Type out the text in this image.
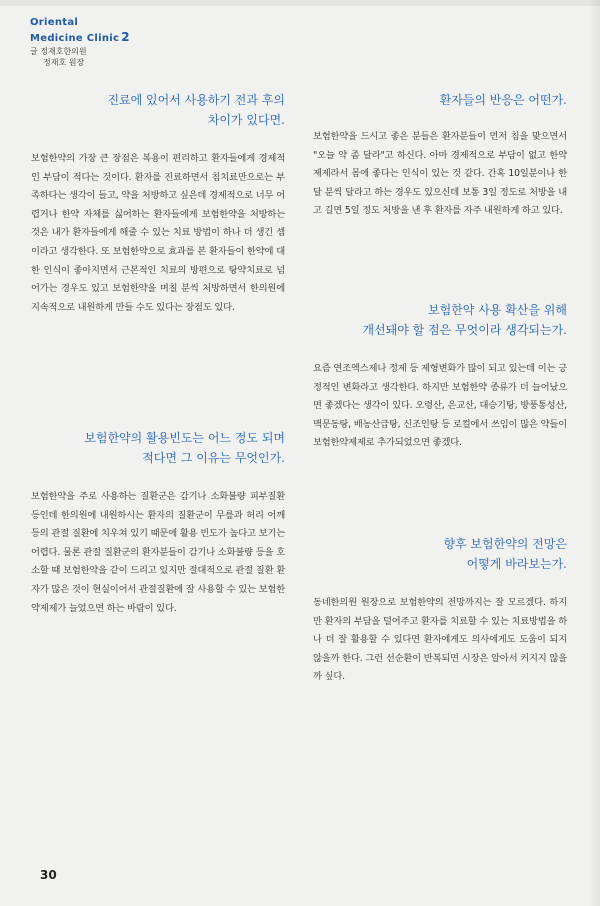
Oriental
Medicine Clinic 2
글 정재호한의원
정재호 원장
진료에 있어서 사용하기 전과 후의
차이가 있다면.

보험한약의 가장 큰 장점은 복용이 편리하고 환자들에게 경제적인 부담이 적다는 것이다. 환자를 진료하면서 침치료만으로는 부족하다는 생각이 들고, 약을 처방하고 싶은데 경제적으로 너무 어렵거나 한약 자체를 싫어하는 환자들에게 보험한약을 처방하는 것은 내가 환자들에게 해줄 수 있는 치료 방법이 하나 더 생긴 셈이라고 생각한다. 또 보험한약으로 효과를 본 환자들이 한약에 대한 인식이 좋아지면서 근본적인 치료의 방편으로 탕약치료로 넘어가는 경우도 있고 보험한약을 며칠 분씩 처방하면서 한의원에 지속적으로 내원하게 만들 수도 있다는 장점도 있다.

보험한약의 활용빈도는 어느 정도 되며
적다면 그 이유는 무엇인가.

보험한약을 주로 사용하는 질환군은 감기나 소화불량 피부질환 등인데 한의원에 내원하시는 환자의 질환군이 무릎과 허리 어깨 등의 관절 질환에 치우쳐 있기 때문에 활용 빈도가 높다고 보기는 어렵다. 물론 관절 질환군의 환자분들이 감기나 소화불량 등을 호소할 때 보험한약을 같이 드리고 있지만 절대적으로 관절 질환 환자가 많은 것이 현실이어서 관절질환에 잘 사용할 수 있는 보험한약제제가 늘었으면 하는 바람이 있다.

환자들의 반응은 어떤가.

보험한약을 드시고 좋은 분들은 환자분들이 먼저 침을 맞으면서 "오늘 약 좀 달라"고 하신다. 아마 경제적으로 부담이 없고 한약제제라서 몸에 좋다는 인식이 있는 것 같다. 간혹 10일분이나 한 달 분씩 달라고 하는 경우도 있으신데 보통 3일 정도로 처방을 내고 길면 5일 정도 처방을 낸 후 환자를 자주 내원하게 하고 있다.

보험한약 사용 확산을 위해
개선돼야 할 점은 무엇이라 생각되는가.

요즘 연조엑스제나 정제 등 제형변화가 많이 되고 있는데 이는 긍정적인 변화라고 생각한다. 하지만 보험한약 종류가 더 늘어났으면 좋겠다는 생각이 있다. 오령산, 은교산, 대승기탕, 방풍통성산, 맥문동탕, 배농산급탕, 신조인탕 등 로컬에서 쓰임이 많은 약들이 보험한약제제로 추가되었으면 좋겠다.

향후 보험한약의 전망은
어떻게 바라보는가.

동네한의원 원장으로 보험한약의 전망까지는 잘 모르겠다. 하지만 환자의 부담을 덜어주고 환자를 치료할 수 있는 치료방법을 하나 더 잘 활용할 수 있다면 환자에게도 의사에게도 도움이 되지 않을까 한다. 그런 선순환이 반복되면 시장은 알아서 커지지 않을까 싶다.

30
